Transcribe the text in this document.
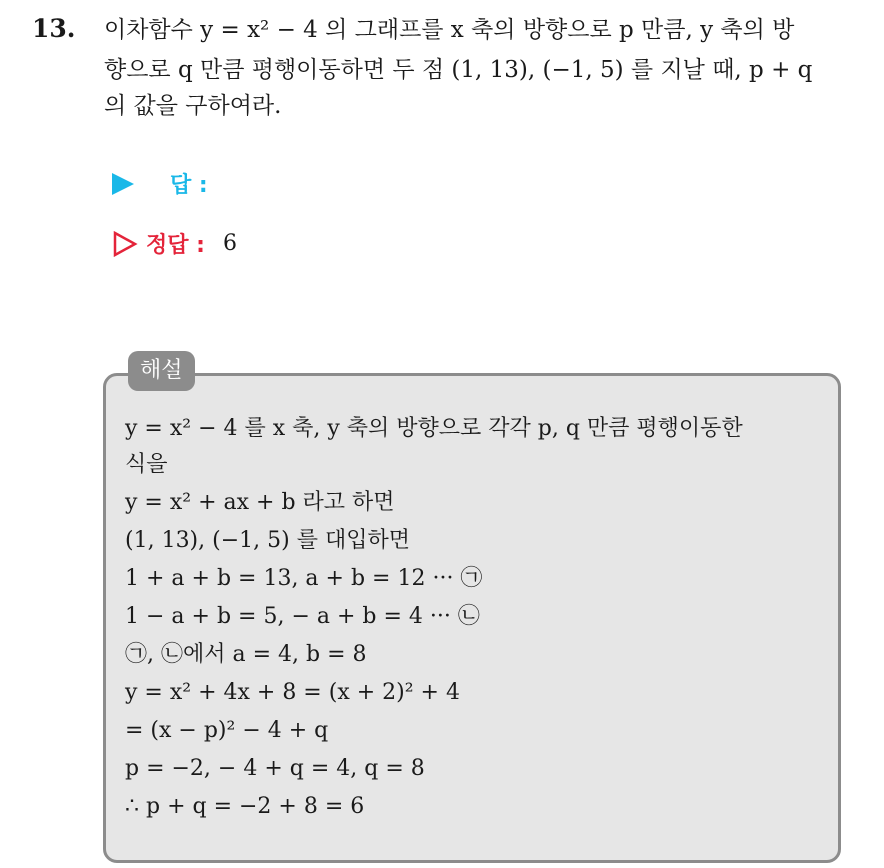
13. 이차함수 y = x² − 4 의 그래프를 x 축의 방향으로 p 만큼, y 축의 방
향으로 q 만큼 평행이동하면 두 점 (1, 13), (−1, 5) 를 지날 때, p + q
의 값을 구하여라.
답 :
정답 : 6
해설
y = x² − 4 를 x 축, y 축의 방향으로 각각 p, q 만큼 평행이동한
식을
y = x² + ax + b 라고 하면
(1, 13), (−1, 5) 를 대입하면
1 + a + b = 13, a + b = 12 ··· ㉠
1 − a + b = 5, − a + b = 4 ··· ㉡
㉠, ㉡에서 a = 4, b = 8
y = x² + 4x + 8 = (x + 2)² + 4
= (x − p)² − 4 + q
p = −2, − 4 + q = 4, q = 8
∴ p + q = −2 + 8 = 6
